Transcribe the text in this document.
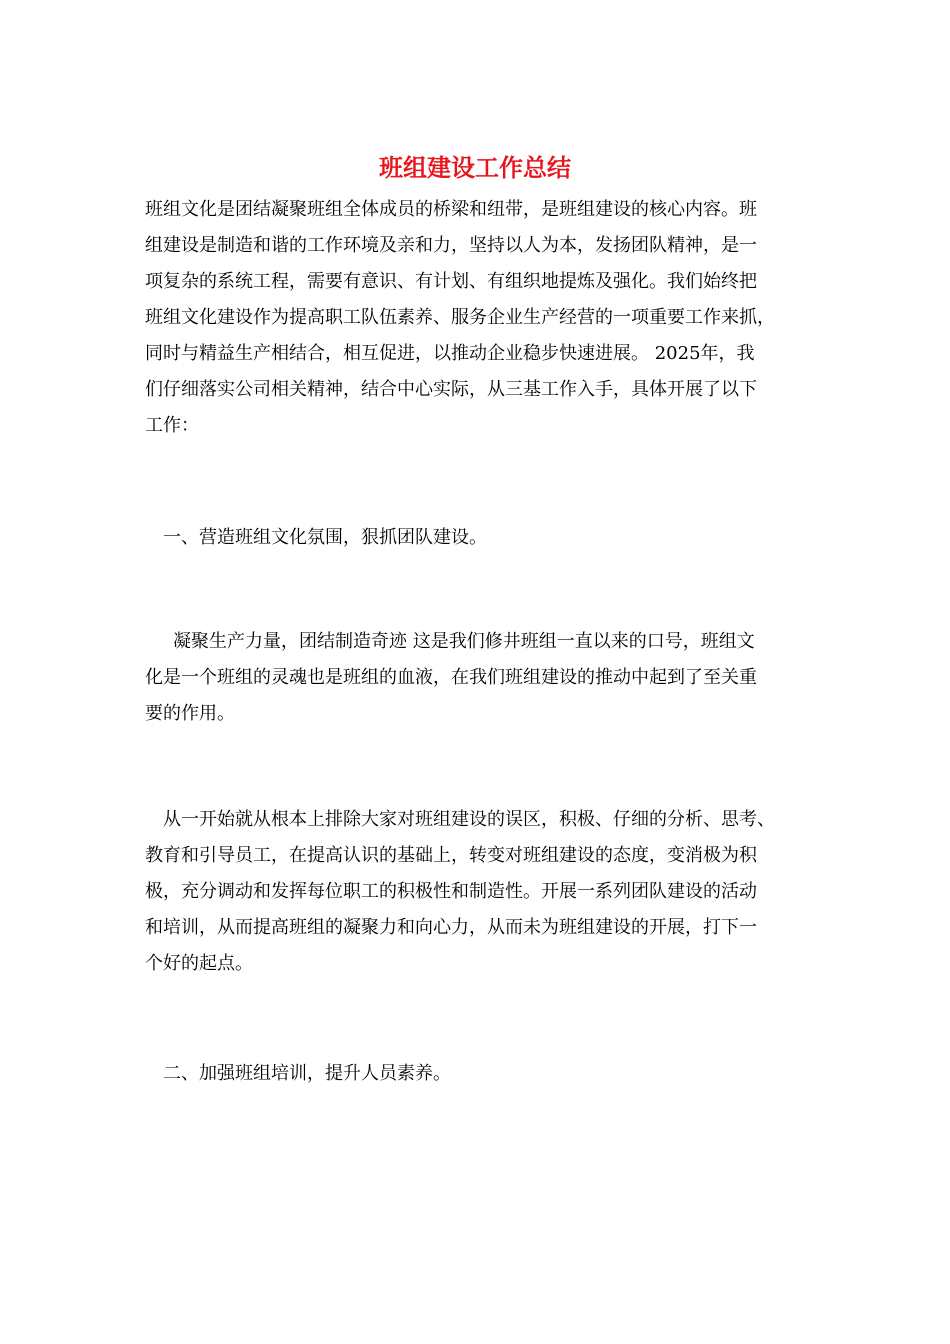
班组建设工作总结
班组文化是团结凝聚班组全体成员的桥梁和纽带，是班组建设的核心内容。班
组建设是制造和谐的工作环境及亲和力，坚持以人为本，发扬团队精神，是一
项复杂的系统工程，需要有意识、有计划、有组织地提炼及强化。我们始终把
班组文化建设作为提高职工队伍素养、服务企业生产经营的一项重要工作来抓，
同时与精益生产相结合，相互促进，以推动企业稳步快速进展。 2025年，我
们仔细落实公司相关精神，结合中心实际，从三基工作入手，具体开展了以下
工作：
一、营造班组文化氛围，狠抓团队建设。
凝聚生产力量，团结制造奇迹 这是我们修井班组一直以来的口号，班组文
化是一个班组的灵魂也是班组的血液，在我们班组建设的推动中起到了至关重
要的作用。
从一开始就从根本上排除大家对班组建设的误区，积极、仔细的分析、思考、
教育和引导员工，在提高认识的基础上，转变对班组建设的态度，变消极为积
极，充分调动和发挥每位职工的积极性和制造性。开展一系列团队建设的活动
和培训，从而提高班组的凝聚力和向心力，从而未为班组建设的开展，打下一
个好的起点。
二、加强班组培训，提升人员素养。
